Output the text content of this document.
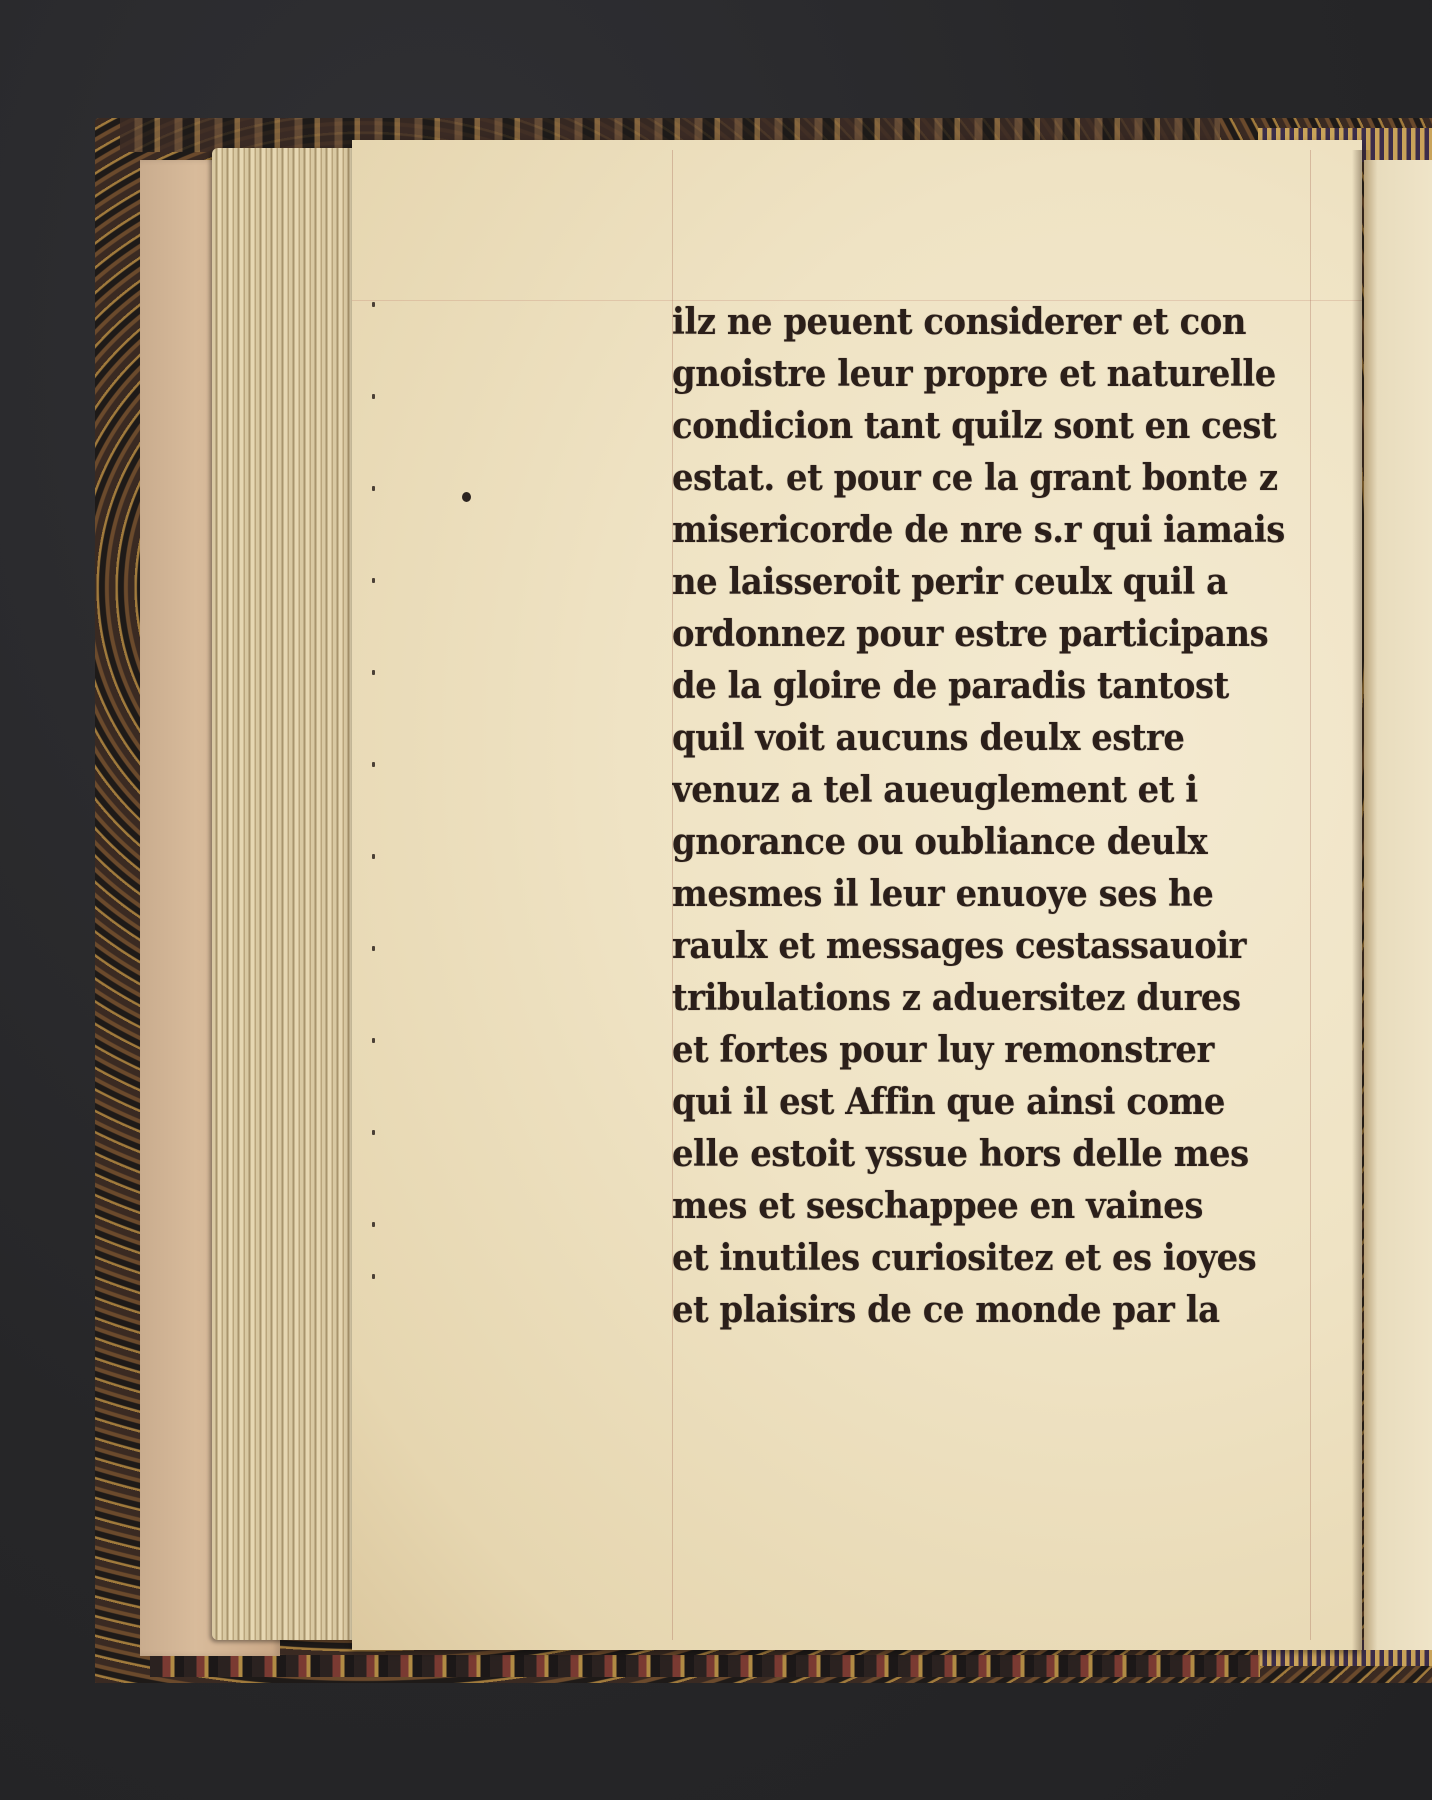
ilz ne peuent considerer et con
gnoistre leur propre et naturelle
condicion tant quilz sont en cest
estat. et pour ce la grant bonte z
misericorde de nre s.r qui iamais
ne laisseroit perir ceulx quil a
ordonnez pour estre participans
de la gloire de paradis tantost
quil voit aucuns deulx estre
venuz a tel aueuglement et i
gnorance ou oubliance deulx
mesmes il leur enuoye ses he
raulx et messages cestassauoir
tribulations z aduersitez dures
et fortes pour luy remonstrer
qui il est Affin que ainsi come
elle estoit yssue hors delle mes
mes et seschappee en vaines
et inutiles curiositez et es ioyes
et plaisirs de ce monde par la
